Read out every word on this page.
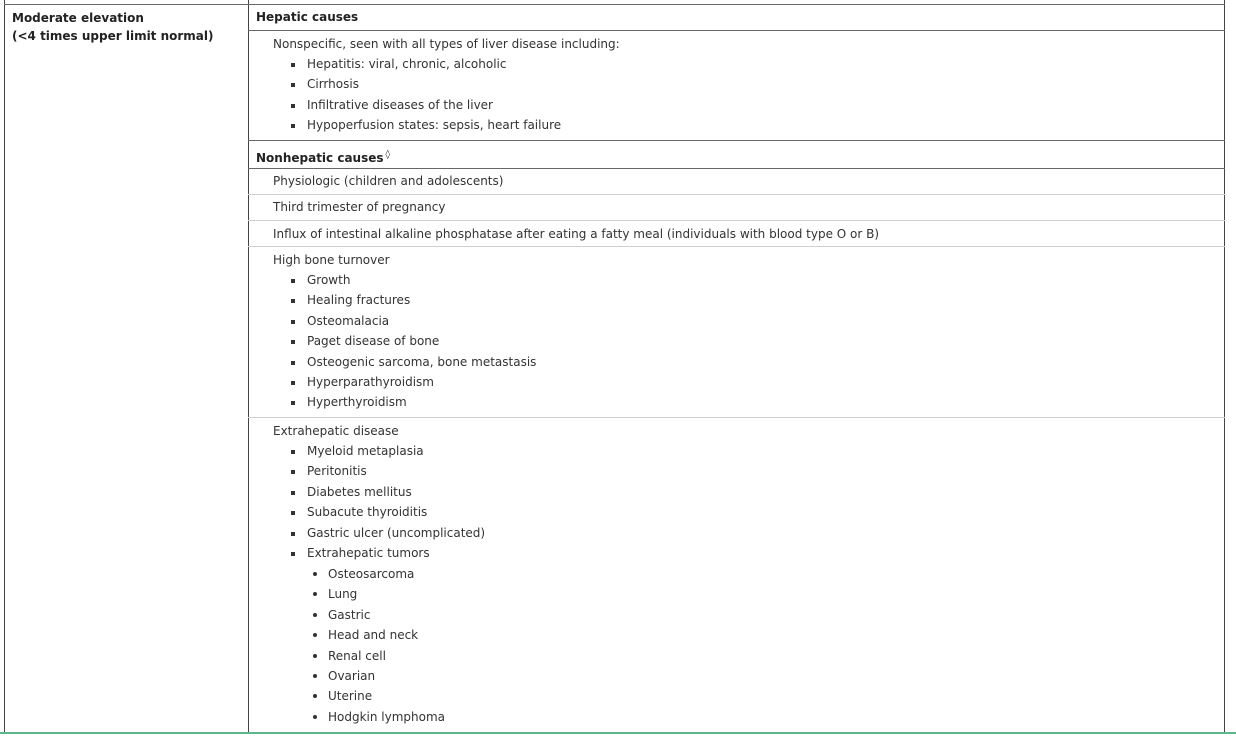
Moderate elevation
(<4 times upper limit normal)
Hepatic causes
Nonspecific, seen with all types of liver disease including:
Hepatitis: viral, chronic, alcoholic
Cirrhosis
Infiltrative diseases of the liver
Hypoperfusion states: sepsis, heart failure
Nonhepatic causes ◊
Physiologic (children and adolescents)
Third trimester of pregnancy
Influx of intestinal alkaline phosphatase after eating a fatty meal (individuals with blood type O or B)
High bone turnover
Growth
Healing fractures
Osteomalacia
Paget disease of bone
Osteogenic sarcoma, bone metastasis
Hyperparathyroidism
Hyperthyroidism
Extrahepatic disease
Myeloid metaplasia
Peritonitis
Diabetes mellitus
Subacute thyroiditis
Gastric ulcer (uncomplicated)
Extrahepatic tumors
Osteosarcoma
Lung
Gastric
Head and neck
Renal cell
Ovarian
Uterine
Hodgkin lymphoma
